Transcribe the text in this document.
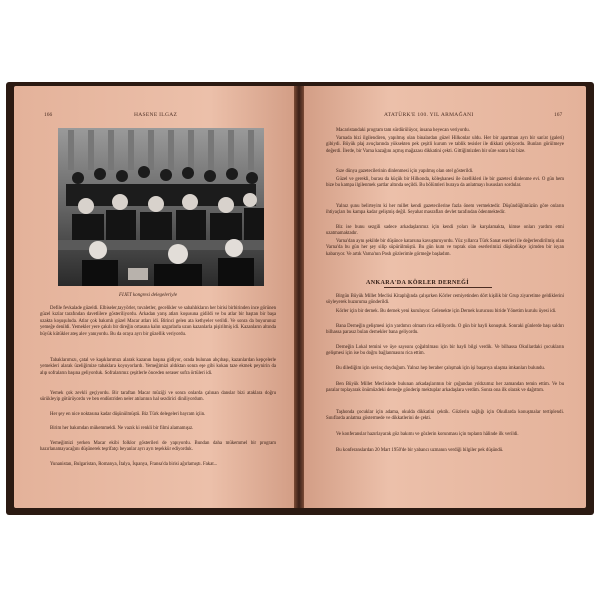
166	HASENE ILGAZ
FIJET kongresi delegeleriyle

Defile fevkalade güzeldi. Elbiseler,tayyörler, tuvaletler, gecelikler ve sabahlıkların her birisi birbirinden ince görünen güzel kızlar tarafından davetlilere gösteriliyordu. Arkadan yarış atları koşusuna gidildi ve bu atlar bir baştan bir başa uzakta koşuşuluda. Atlar çok bakımlı güzel Macar atları idi. Birinci gelen ata kethyeler verildi. Ve sonra da buyurunuz yemeğe denildi. Yemekler yere çakılı bir direğin ortasına kalın uzgarlarla uzun kazanlarla pişirilmiş idi. Kazanların altında büyük kütükler ateş alev yanıyordu. Bu da oraya ayrı bir güzellik veriyordu.

Tabaklarımızı, çatal ve kaşıklarımızı alarak kazanın başına gidiyor, orada bulunan ahçıbaşı, kazanlardan kepçelerle yemekleri alarak üzeliğimize tabaklara koyuyorlardı. Yemeğimizi aldıktan sonra eşe gibi kokan taze ekmek peynirin da alıp sofraların başına geliyorduk. Sofralarımız çeşitlerle önceden seraser sofra örtüleri idi.

Yemek çok zevkli geçiyordu. Bir taraftan Macar müziği ve sonra onlarda çalınan danslar bizi ataklara doğru sürükleyip götürüyordu ve ben endüstriden neler atılarının hal sezdirici diniliyordum.

Her şey en nice noktasına kadar düşünülmüştü. Biz Türk delegeleri bayram içiin.

Birim her bakımdan mükemmeldi. Ne vazık ki renkli bir filmi alamamışız.

Yemeğimizi yerken Macar ekibi folklor gösterileri de yapıyordu. Bundan daha mükemmel bir program hazırlanamayacağını düşünerek teşrifatçı beyanlar ayrı ayrı teşekkür ediyorduk.

Yunanistan, Bulgaristan, Romanya, İtalya, İspanya, Fransa'da birisi ağırlamıştı. Fakat...

ATATÜRK'E 100. YIL ARMAĞANI	167

Macaristandaki program tam sürdürülüyor, insana heyecan veriyordu.

Varnada bizi ilgilendiren, yapılmış olan binalardan güzel Hilkonlar uldu. Her bir apartman ayrı bir san'at (galeri) gibiydi. Büyük plaj avuçlarında yüksekten pek çeşitli kurum ve tablik tesisler ile dikkati çekiyordu. Bunları görülmeye değerdi. İlerde, bir Varna kazağını açmış mağazası dikkatini çekti. Gittiğimizden bir süre sonra biz bize.

Sıze dünya gazetecilerinin dinlenmesi için yapılmış olan otel gösterildi.

Güzel ve gerekli, burası da küçük bir Hilkonda, köleşhanesi ile özellikleri ile bir gazeteci dinlenme evi. O gün hem bize bu kampa ilgilenmek şartlar altında seçildi. Bu bölümleri buraya da anlatmayı hususları sordular.

Yalnız şunu belirteyim ki her millet kendi gazetecilerine fazla önem vermektedir. Düşündüğümüzün göre onların ihtiyaçları bu kampa kadar gelişmiş değil. Seyahat masrafları devlet tarafından ödenmektedir.

Biz ise bunu sezgili sadece arkadaşlarımız için kendi yoları ile karşılamakta, kimse onları yardım etmi uzatmamaktadır.

Varna'dan aynı şekilde bir düşünce katarsına kavuşturuyordu. Yüz yıllarca Türk Sanat eserleri ile değerlendirilmiş olan Varna'da bu gün her şey silip süpürülmüştü. Bu gün kum ve toprak olan eserlerimizi düşündükçe içimden bir isyan kabarıyor. Ve artık Varna'nın Posh gözlerimle görmeğe başladım.

ANKARA'DA KÖRLER DERNEĞİ

Birgün Büyük Millet Meclisi Kitaplığında çalışırken Körler cemiyetinden dört kişilik bir Grup ziyaretime geldiklerini söyleyerek huzuruma gönderildi.

Körler için bir dernek. Bu dernek yeni kuruluyor. Gelenekte için Dernek kurucusu biride Yönetim kurulu üyesi idi.

Bana Derneğin gelişmesi için yardımcı olmam rica ediliyordu. O gün bir hayli konuştuk. Sonraki günlerde başı saldırı bilhassa parasız bulan dernekler bana geliyordu.

Derneğin Lokal temini ve üye sayısını çoğaltılması için bir hayli bilgi verdik. Ve bilhassa Okullardaki çocukların gelişmesi için ise bu doğru bağlanmasını rica ettim.

Bu dilediğim için sevinç duyduğum. Yalnız hep beraber çalışmak için işi başarıya ulaşma imkanları bulundu.

Ben Büyük Millet Meclisinde bulunan arkadaşlarımın bir çoğundan yıldızımız her zamandan temin ettim. Ve bu paralar toplayarak önümüzdeki derneğe gönderip mektuplar arkadaşlara verdim. Sonra ona ilk olarak ve dağıttım.

Taşhonda çocuklar için adama, okulda dikkatini çektik. Gözlerin sağlığı için Okullarda konuşmalar tertiplendi. Sınıflarda anlatma göstermede ve dikkatlerini de çekti.

Ve konferanslar hazırlayarak göz bakımı ve gözlerin korunması için toplantı hâlinde ilk verildi.

Bu konferanslardan 20 Mart 1950'de bir yabancı uzmanın verdiği bilgiler pek düşündü.
